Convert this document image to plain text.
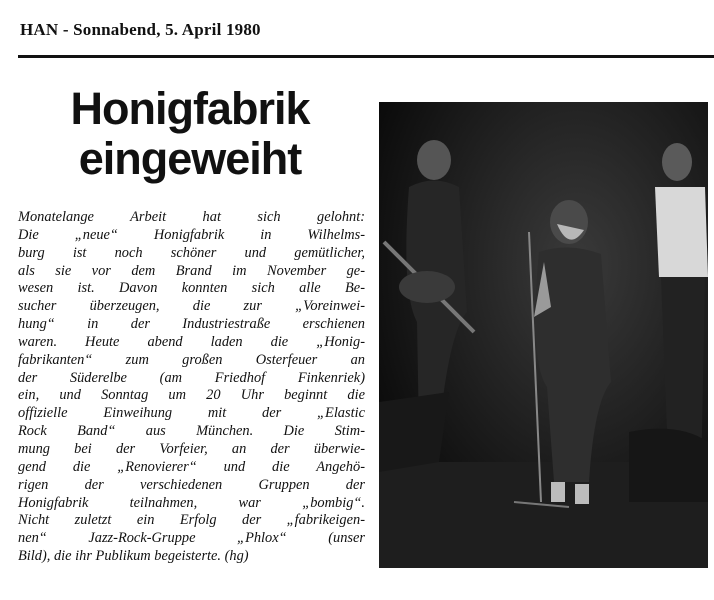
HAN - Sonnabend, 5. April 1980
Honigfabrik
eingeweiht
Monatelange Arbeit hat sich gelohnt:
Die „neue“ Honigfabrik in Wilhelms-
burg ist noch schöner und gemütlicher,
als sie vor dem Brand im November ge-
wesen ist. Davon konnten sich alle Be-
sucher überzeugen, die zur „Voreinwei-
hung“ in der Industriestraße erschienen
waren. Heute abend laden die „Honig-
fabrikanten“ zum großen Osterfeuer an
der Süderelbe (am Friedhof Finkenriek)
ein, und Sonntag um 20 Uhr beginnt die
offizielle Einweihung mit der „Elastic
Rock Band“ aus München. Die Stim-
mung bei der Vorfeier, an der überwie-
gend die „Renovierer“ und die Angehö-
rigen der verschiedenen Gruppen der
Honigfabrik teilnahmen, war „bombig“.
Nicht zuletzt ein Erfolg der „fabrikeigen-
nen“ Jazz-Rock-Gruppe „Phlox“ (unser
Bild), die ihr Publikum begeisterte. (hg)
